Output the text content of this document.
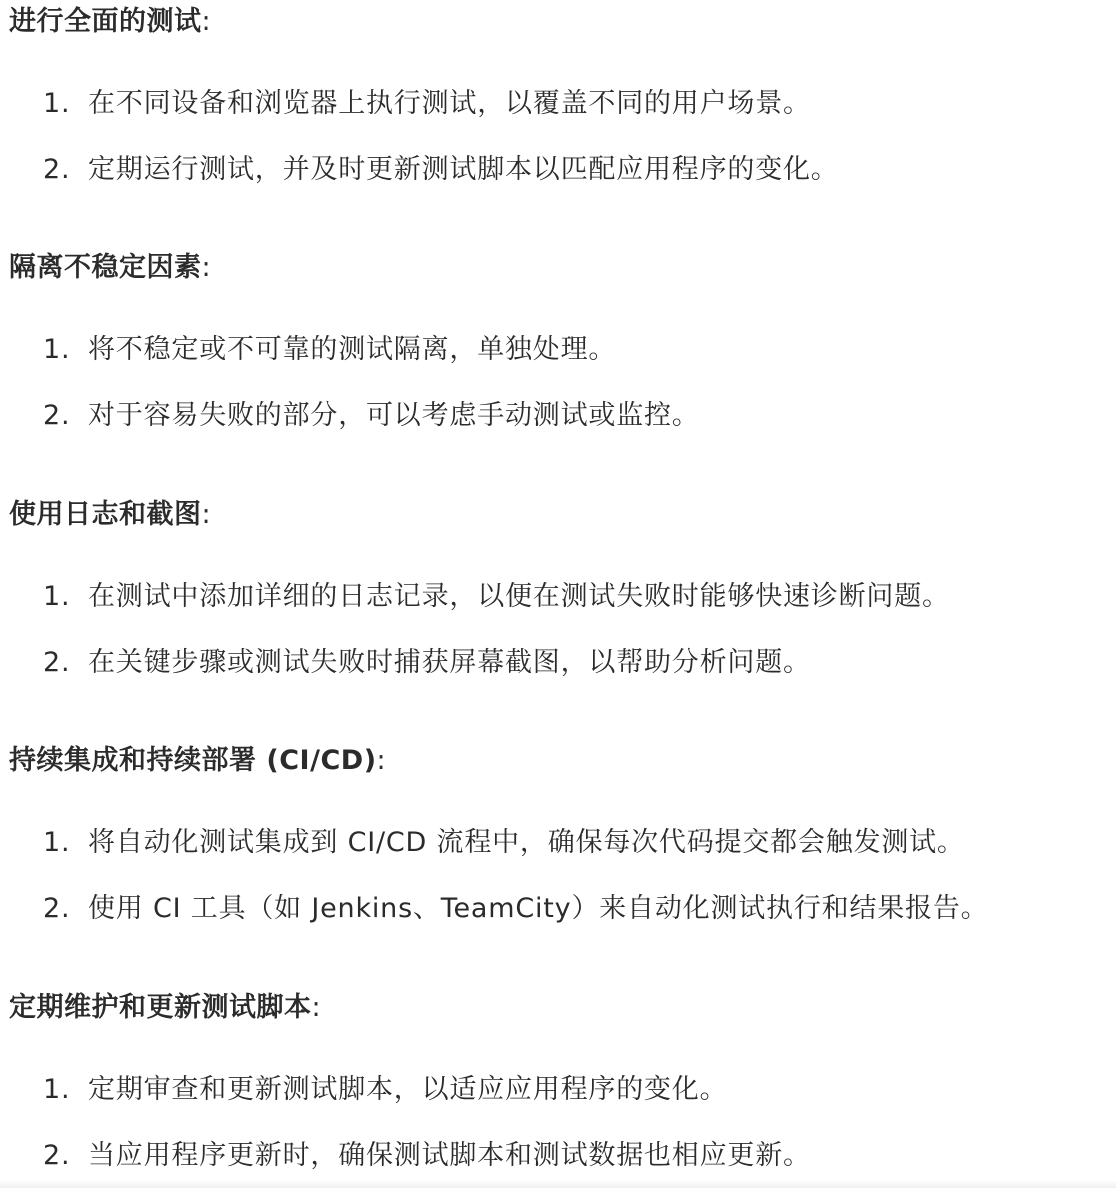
进行全面的测试:
1. 在不同设备和浏览器上执行测试，以覆盖不同的用户场景。
2. 定期运行测试，并及时更新测试脚本以匹配应用程序的变化。
隔离不稳定因素:
1. 将不稳定或不可靠的测试隔离，单独处理。
2. 对于容易失败的部分，可以考虑手动测试或监控。
使用日志和截图:
1. 在测试中添加详细的日志记录，以便在测试失败时能够快速诊断问题。
2. 在关键步骤或测试失败时捕获屏幕截图，以帮助分析问题。
持续集成和持续部署 (CI/CD):
1. 将自动化测试集成到 CI/CD 流程中，确保每次代码提交都会触发测试。
2. 使用 CI 工具（如 Jenkins、TeamCity）来自动化测试执行和结果报告。
定期维护和更新测试脚本:
1. 定期审查和更新测试脚本，以适应应用程序的变化。
2. 当应用程序更新时，确保测试脚本和测试数据也相应更新。
